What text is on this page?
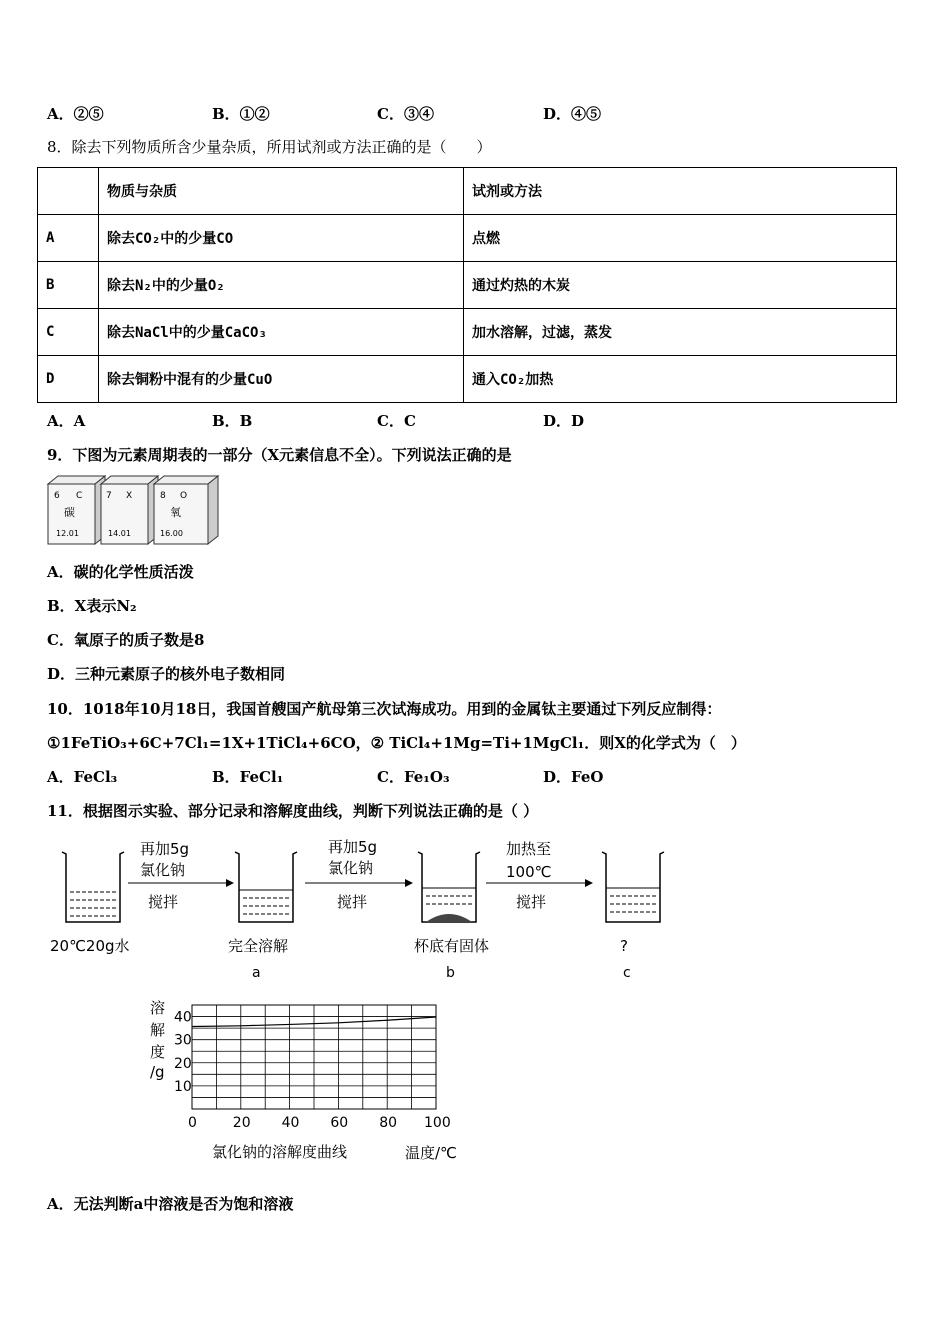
A．②⑤	B．①②	C．③④	D．④⑤
8．除去下列物质所含少量杂质，所用试剂或方法正确的是（　　）
	物质与杂质	试剂或方法
A	除去CO₂中的少量CO	点燃
B	除去N₂中的少量O₂	通过灼热的木炭
C	除去NaCl中的少量CaCO₃	加水溶解，过滤，蒸发
D	除去铜粉中混有的少量CuO	通入CO₂加热
A．A	B．B	C．C	D．D
9．下图为元素周期表的一部分（X元素信息不全）。下列说法正确的是
6 C
碳
12.01
7 X
14.01
8 O
氧
16.00
A．碳的化学性质活泼
B．X表示N₂
C．氧原子的质子数是8
D．三种元素原子的核外电子数相同
10．1018年10月18日，我国首艘国产航母第三次试海成功。用到的金属钛主要通过下列反应制得：
①1FeTiO₃+6C+7Cl₁=1X+1TiCl₄+6CO，② TiCl₄+1Mg=Ti+1MgCl₁．则X的化学式为（　）
A．FeCl₃	B．FeCl₁	C．Fe₁O₃	D．FeO
11．根据图示实验、部分记录和溶解度曲线，判断下列说法正确的是（ ）
再加5g
氯化钠
搅拌
再加5g
氯化钠
搅拌
加热至
100℃
搅拌
20℃20g水	完全溶解
a
杯底有固体
b
?
c
溶
解
度
/g
0	20 40 60 80 100
10
20
30
40
氯化钠的溶解度曲线	温度/℃
A．无法判断a中溶液是否为饱和溶液
